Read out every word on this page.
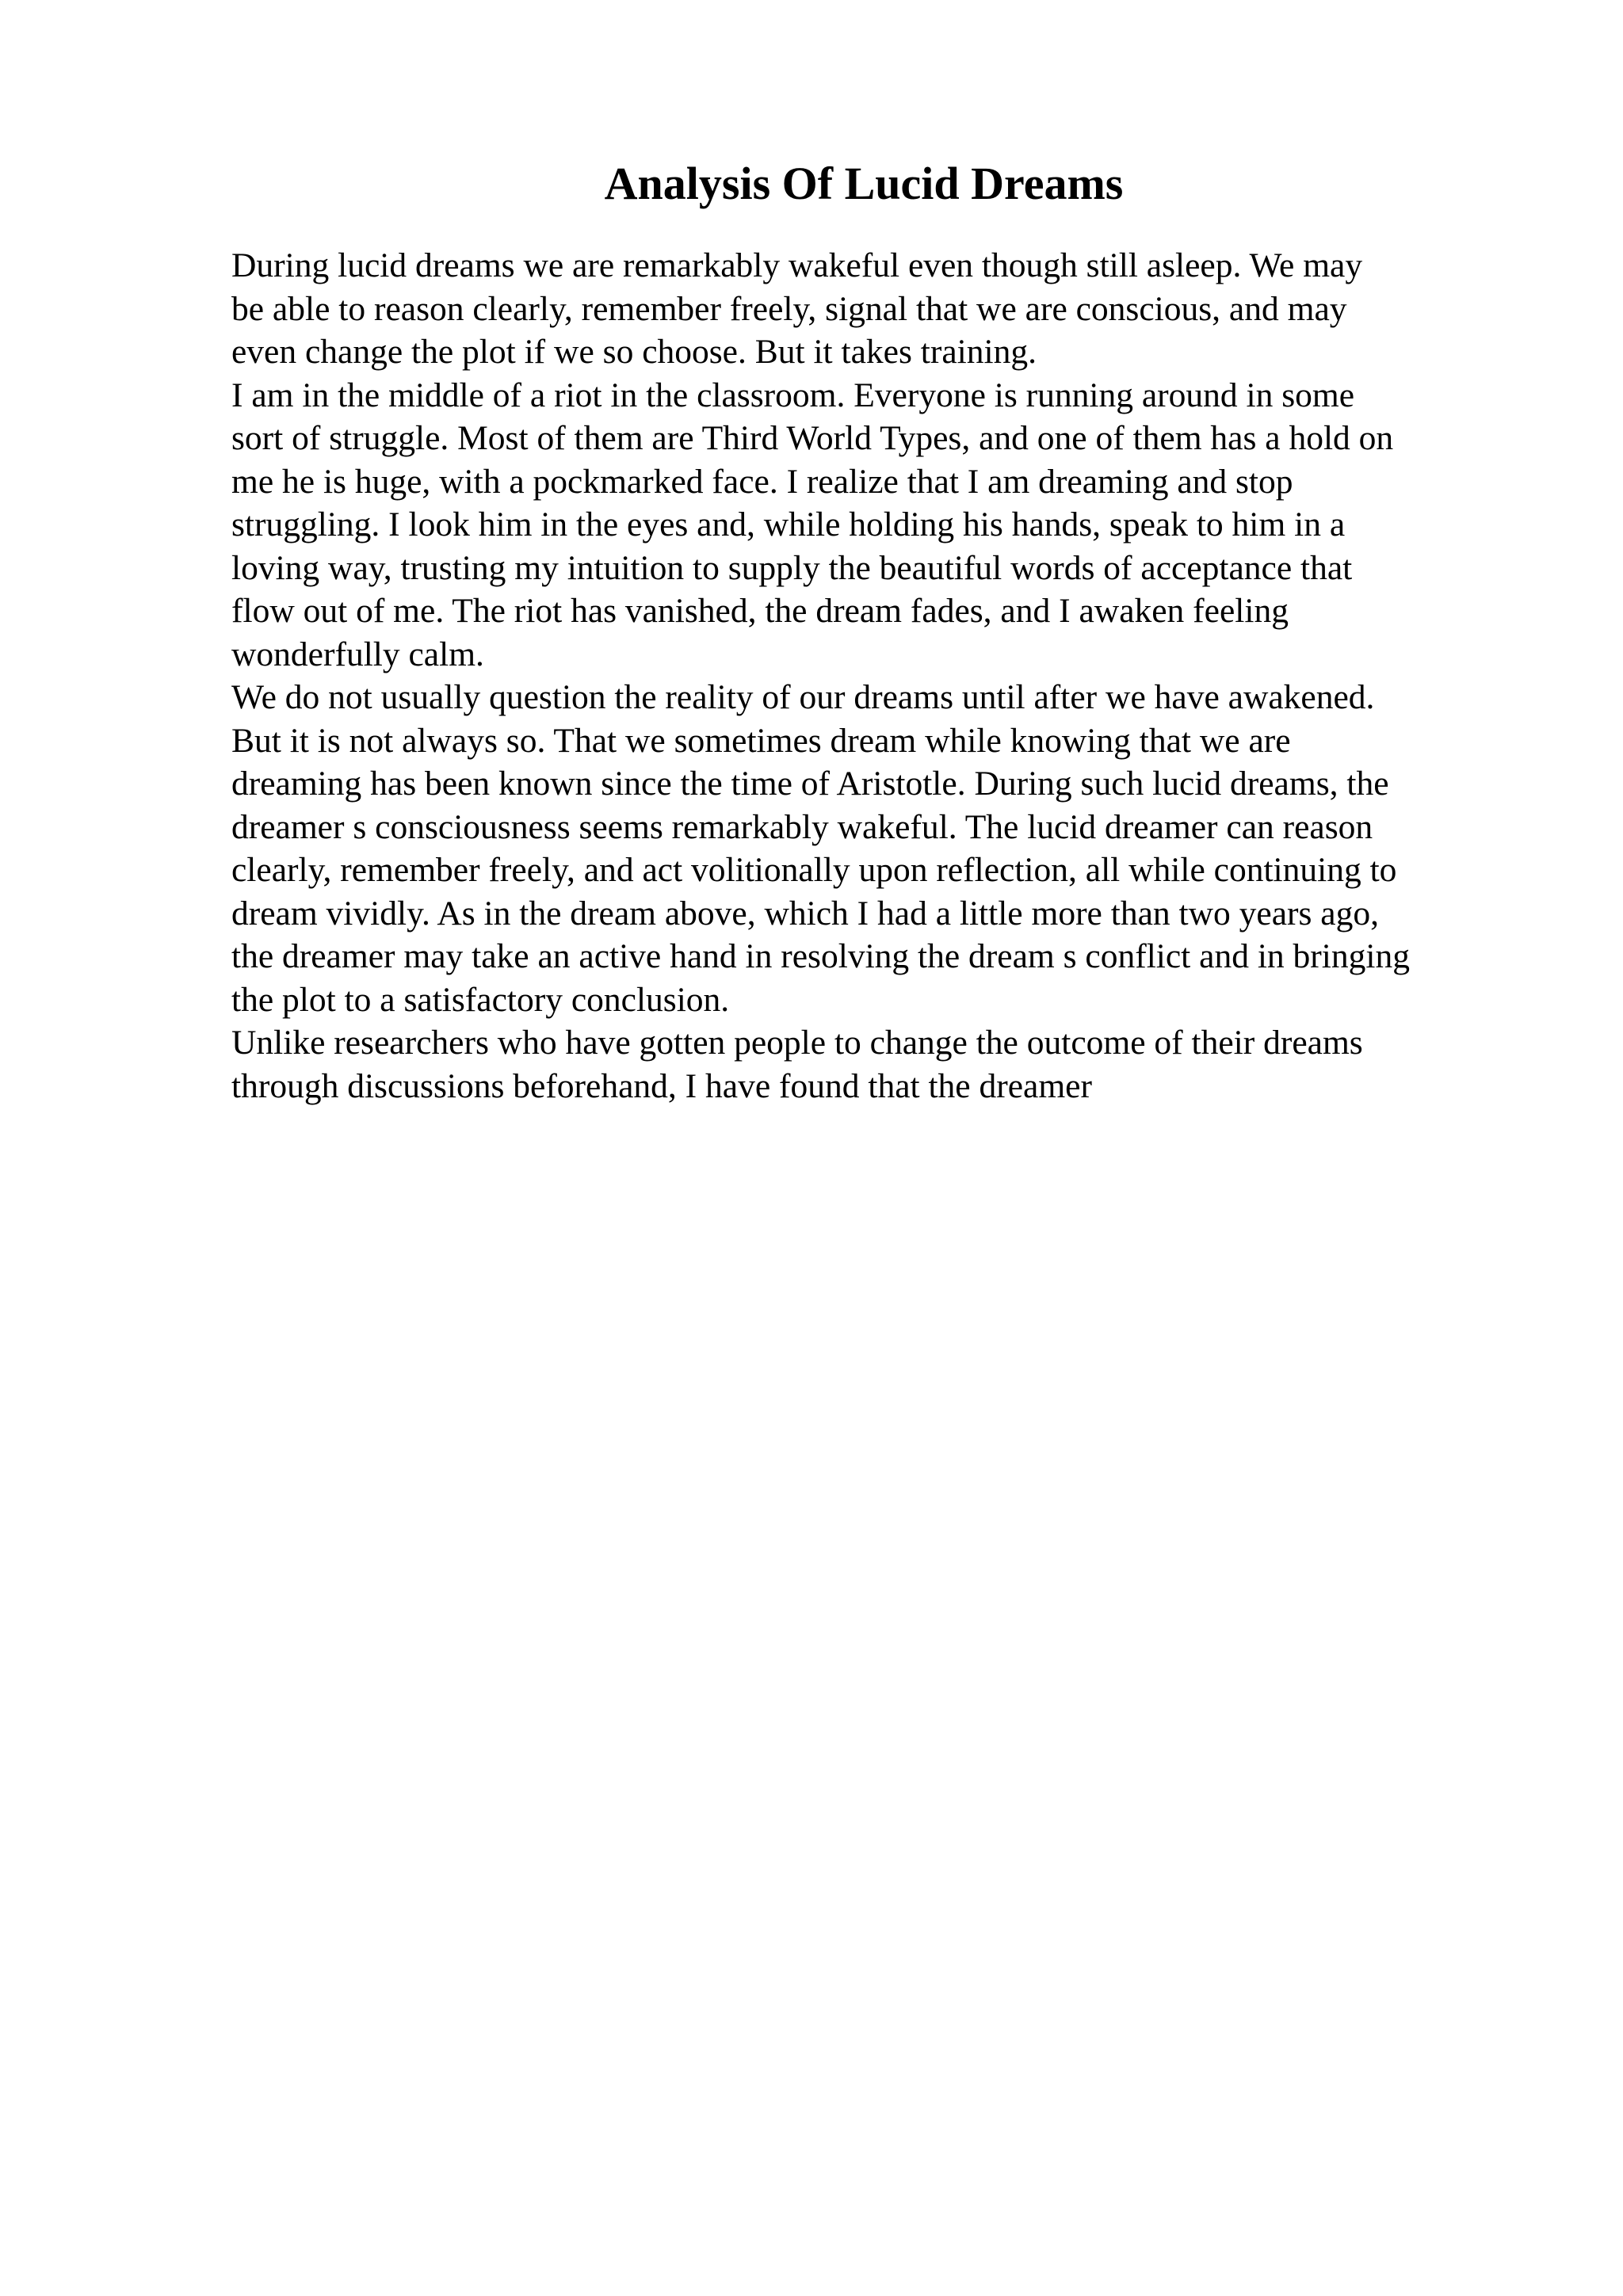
Analysis Of Lucid Dreams
During lucid dreams we are remarkably wakeful even though still asleep. We may
be able to reason clearly, remember freely, signal that we are conscious, and may
even change the plot if we so choose. But it takes training.
I am in the middle of a riot in the classroom. Everyone is running around in some
sort of struggle. Most of them are Third World Types, and one of them has a hold on
me he is huge, with a pockmarked face. I realize that I am dreaming and stop
struggling. I look him in the eyes and, while holding his hands, speak to him in a
loving way, trusting my intuition to supply the beautiful words of acceptance that
flow out of me. The riot has vanished, the dream fades, and I awaken feeling
wonderfully calm.
We do not usually question the reality of our dreams until after we have awakened.
But it is not always so. That we sometimes dream while knowing that we are
dreaming has been known since the time of Aristotle. During such lucid dreams, the
dreamer s consciousness seems remarkably wakeful. The lucid dreamer can reason
clearly, remember freely, and act volitionally upon reflection, all while continuing to
dream vividly. As in the dream above, which I had a little more than two years ago,
the dreamer may take an active hand in resolving the dream s conflict and in bringing
the plot to a satisfactory conclusion.
Unlike researchers who have gotten people to change the outcome of their dreams
through discussions beforehand, I have found that the dreamer
